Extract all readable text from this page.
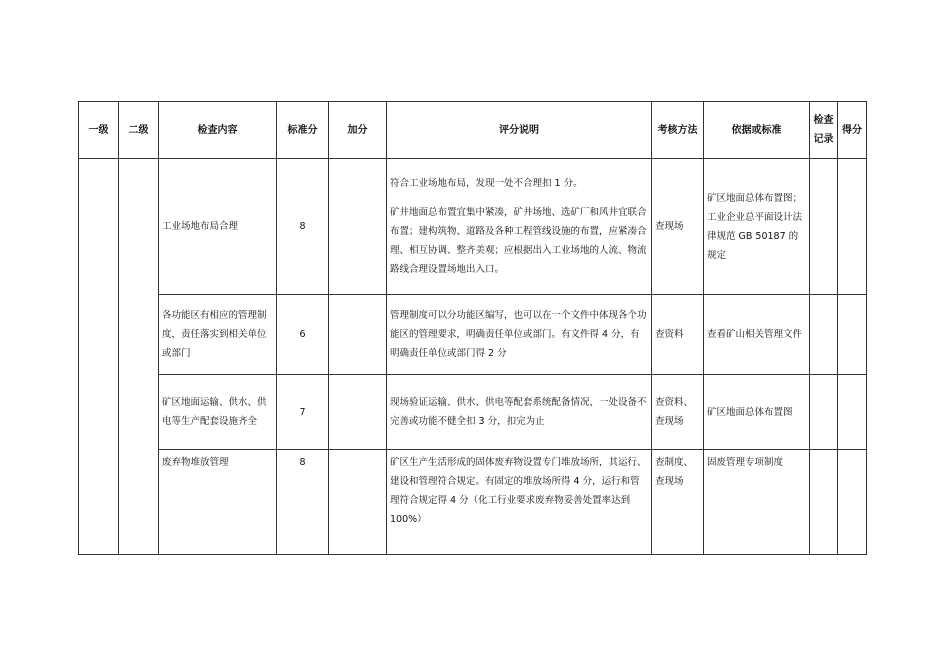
一级	二级	检查内容	标准分	加分	评分说明	考核方法	依据或标准	检查
记录	得分
		工业场地布局合理	8		符合工业场地布局，发现一处不合理扣 1 分。
矿井地面总布置宜集中紧凑，矿井场地、选矿厂和风井宜联合布置；建构筑物、道路及各种工程管线设施的布置，应紧凑合理、相互协调、整齐美观；应根据出入工业场地的人流、物流路线合理设置场地出入口。	查现场	矿区地面总体布置图；工业企业总平面设计法律规范 GB 50187 的规定		
		各功能区有相应的管理制度，责任落实到相关单位或部门	6		管理制度可以分功能区编写，也可以在一个文件中体现各个功能区的管理要求，明确责任单位或部门。有文件得 4 分，有明确责任单位或部门得 2 分	查资料	查看矿山相关管理文件		
		矿区地面运输、供水、供电等生产配套设施齐全	7		现场验证运输、供水、供电等配套系统配备情况，一处设备不完善或功能不健全扣 3 分，扣完为止	查资料、
查现场	矿区地面总体布置图		
		废弃物堆放管理	8		矿区生产生活形成的固体废弃物设置专门堆放场所，其运行、建设和管理符合规定。有固定的堆放场所得 4 分，运行和管理符合规定得 4 分（化工行业要求废弃物妥善处置率达到 100%）	查制度、
查现场	固废管理专项制度		
